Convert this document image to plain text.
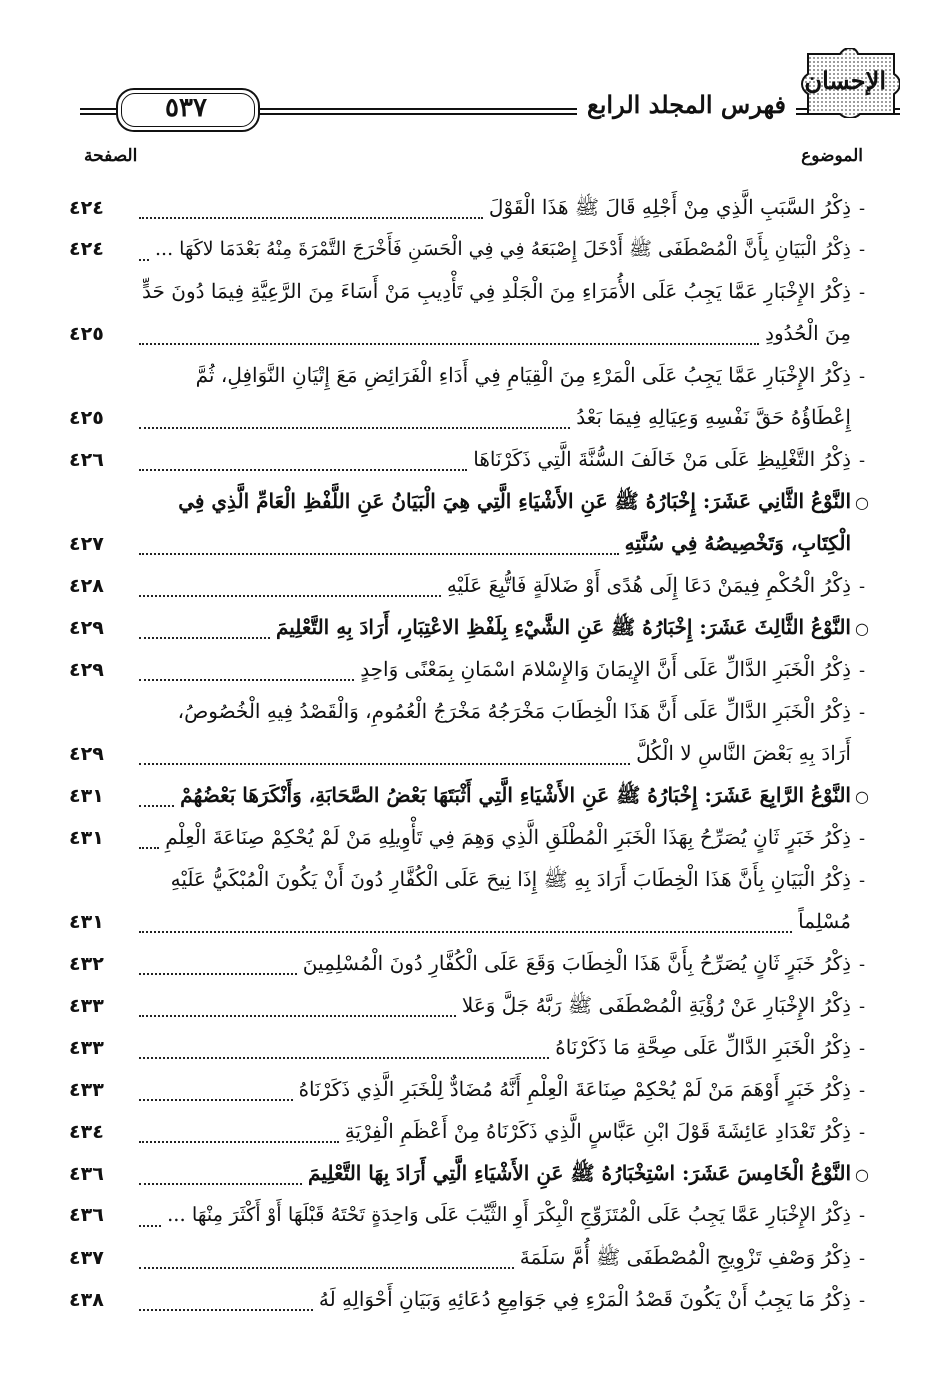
٥٣٧	فهرس المجلد الرابع
الإحسان
الموضوع
الصفحة
-
ذِكْرُ السَّبَبِ الَّذِي مِنْ أَجْلِهِ قَالَ ﷺ هَذَا الْقَوْلَ
٤٢٤
-
ذِكْرُ الْبَيَانِ بِأَنَّ الْمُصْطَفَى ﷺ أَدْخَلَ إِصْبَعَهُ فِي فِي الْحَسَنِ فَأَخْرَجَ التَّمْرَةَ مِنْهُ بَعْدَمَا لاكَهَا ...
٤٢٤
-
ذِكْرُ الإِخْبَارِ عَمَّا يَجِبُ عَلَى الأُمَرَاءِ مِنَ الْجَلْدِ فِي تَأْدِيبِ مَنْ أَسَاءَ مِنَ الرَّعِيَّةِ فِيمَا دُونَ حَدٍّ
مِنَ الْحُدُودِ
٤٢٥
-
ذِكْرُ الإِخْبَارِ عَمَّا يَجِبُ عَلَى الْمَرْءِ مِنَ الْقِيَامِ فِي أَدَاءِ الْفَرَائِضِ مَعَ إِتْيَانِ النَّوَافِلِ، ثُمَّ
إِعْطَاؤُهُ حَقَّ نَفْسِهِ وَعِيَالِهِ فِيمَا بَعْدُ
٤٢٥
-
ذِكْرُ التَّغْلِيظِ عَلَى مَنْ خَالَفَ السُّنَّةَ الَّتِي ذَكَرْنَاهَا
٤٢٦
○
النَّوْعُ الثَّانِي عَشَرَ: إِخْبَارُهُ ﷺ عَنِ الأَشْيَاءِ الَّتِي هِيَ الْبَيَانُ عَنِ اللَّفْظِ الْعَامِّ الَّذِي فِي
الْكِتَابِ، وَتَخْصِيصُهُ فِي سُنَّتِهِ
٤٢٧
-
ذِكْرُ الْحُكْمِ فِيمَنْ دَعَا إِلَى هُدًى أَوْ ضَلالَةٍ فَاتُّبِعَ عَلَيْهِ
٤٢٨
○
النَّوْعُ الثَّالِثَ عَشَرَ: إِخْبَارُهُ ﷺ عَنِ الشَّيْءِ بِلَفْظِ الاعْتِبَارِ، أَرَادَ بِهِ التَّعْلِيمَ
٤٢٩
-
ذِكْرُ الْخَبَرِ الدَّالِّ عَلَى أَنَّ الإِيمَانَ وَالإِسْلامَ اسْمَانِ بِمَعْنًى وَاحِدٍ
٤٢٩
-
ذِكْرُ الْخَبَرِ الدَّالِّ عَلَى أَنَّ هَذَا الْخِطَابَ مَخْرَجُهُ مَخْرَجُ الْعُمُومِ، وَالْقَصْدُ فِيهِ الْخُصُوصُ،
أَرَادَ بِهِ بَعْضَ النَّاسِ لا الْكُلَّ
٤٢٩
○
النَّوْعُ الرَّابِعَ عَشَرَ: إِخْبَارُهُ ﷺ عَنِ الأَشْيَاءِ الَّتِي أَثْبَتَهَا بَعْضُ الصَّحَابَةِ، وَأَنْكَرَهَا بَعْضُهُمْ
٤٣١
-
ذِكْرُ خَبَرٍ ثَانٍ يُصَرِّحُ بِهَذَا الْخَبَرِ الْمُطْلَقِ الَّذِي وَهِمَ فِي تَأْوِيلِهِ مَنْ لَمْ يُحْكِمْ صِنَاعَةَ الْعِلْمِ
٤٣١
-
ذِكْرُ الْبَيَانِ بِأَنَّ هَذَا الْخِطَابَ أَرَادَ بِهِ ﷺ إِذَا نِيحَ عَلَى الْكُفَّارِ دُونَ أَنْ يَكُونَ الْمُبْكَيُّ عَلَيْهِ
مُسْلِماً
٤٣١
-
ذِكْرُ خَبَرٍ ثَانٍ يُصَرِّحُ بِأَنَّ هَذَا الْخِطَابَ وَقَعَ عَلَى الْكُفَّارِ دُونَ الْمُسْلِمِينَ
٤٣٢
-
ذِكْرُ الإِخْبَارِ عَنْ رُؤْيَةِ الْمُصْطَفَى ﷺ رَبَّهُ جَلَّ وَعَلا
٤٣٣
-
ذِكْرُ الْخَبَرِ الدَّالِّ عَلَى صِحَّةِ مَا ذَكَرْنَاهُ
٤٣٣
-
ذِكْرُ خَبَرٍ أَوْهَمَ مَنْ لَمْ يُحْكِمْ صِنَاعَةَ الْعِلْمِ أَنَّهُ مُضَادٌّ لِلْخَبَرِ الَّذِي ذَكَرْنَاهُ
٤٣٣
-
ذِكْرُ تَعْدَادِ عَائِشَةَ قَوْلَ ابْنِ عَبَّاسٍ الَّذِي ذَكَرْنَاهُ مِنْ أَعْظَمِ الْفِرْيَةِ
٤٣٤
○
النَّوْعُ الْخَامِسَ عَشَرَ: اسْتِخْبَارُهُ ﷺ عَنِ الأَشْيَاءِ الَّتِي أَرَادَ بِهَا التَّعْلِيمَ
٤٣٦
-
ذِكْرُ الإِخْبَارِ عَمَّا يَجِبُ عَلَى الْمُتَزَوِّجِ الْبِكْرَ أَوِ الثَّيِّبَ عَلَى وَاحِدَةٍ تَحْتَهُ قَبْلَهَا أَوْ أَكْثَرَ مِنْهَا ...
٤٣٦
-
ذِكْرُ وَصْفِ تَزْوِيجِ الْمُصْطَفَى ﷺ أُمَّ سَلَمَةَ
٤٣٧
-
ذِكْرُ مَا يَجِبُ أَنْ يَكُونَ قَصْدُ الْمَرْءِ فِي جَوَامِعِ دُعَائِهِ وَبَيَانِ أَحْوَالِهِ لَهُ
٤٣٨
